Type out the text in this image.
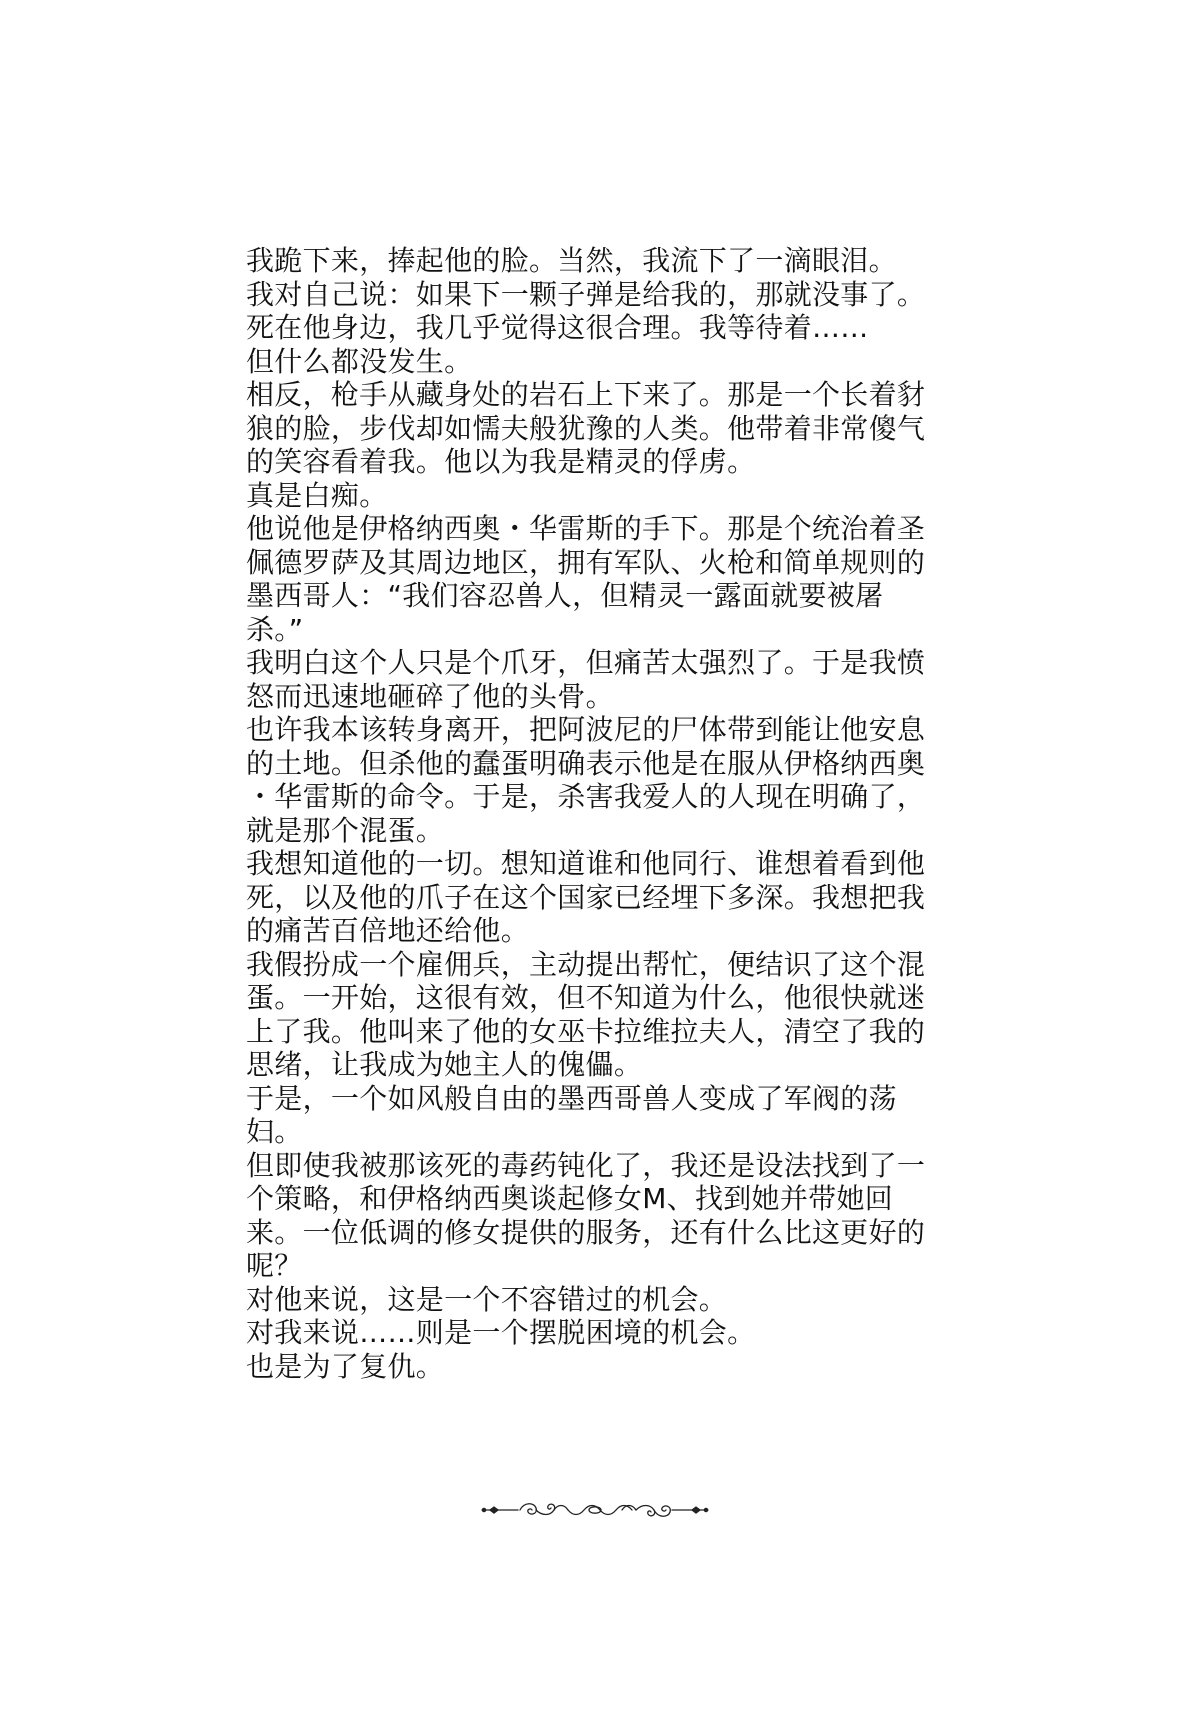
我跪下来，捧起他的脸。当然，我流下了一滴眼泪。
我对自己说：如果下一颗子弹是给我的，那就没事了。
死在他身边，我几乎觉得这很合理。我等待着……
但什么都没发生。
相反，枪手从藏身处的岩石上下来了。那是一个长着豺
狼的脸，步伐却如懦夫般犹豫的人类。他带着非常傻气
的笑容看着我。他以为我是精灵的俘虏。
真是白痴。
他说他是伊格纳西奥・华雷斯的手下。那是个统治着圣
佩德罗萨及其周边地区，拥有军队、火枪和简单规则的
墨西哥人：“我们容忍兽人，但精灵一露面就要被屠
杀。”
我明白这个人只是个爪牙，但痛苦太强烈了。于是我愤
怒而迅速地砸碎了他的头骨。
也许我本该转身离开，把阿波尼的尸体带到能让他安息
的土地。但杀他的蠢蛋明确表示他是在服从伊格纳西奥
・华雷斯的命令。于是，杀害我爱人的人现在明确了，
就是那个混蛋。
我想知道他的一切。想知道谁和他同行、谁想着看到他
死，以及他的爪子在这个国家已经埋下多深。我想把我
的痛苦百倍地还给他。
我假扮成一个雇佣兵，主动提出帮忙，便结识了这个混
蛋。一开始，这很有效，但不知道为什么，他很快就迷
上了我。他叫来了他的女巫卡拉维拉夫人，清空了我的
思绪，让我成为她主人的傀儡。
于是，一个如风般自由的墨西哥兽人变成了军阀的荡
妇。
但即使我被那该死的毒药钝化了，我还是设法找到了一
个策略，和伊格纳西奥谈起修女M、找到她并带她回
来。一位低调的修女提供的服务，还有什么比这更好的
呢？
对他来说，这是一个不容错过的机会。
对我来说……则是一个摆脱困境的机会。
也是为了复仇。
